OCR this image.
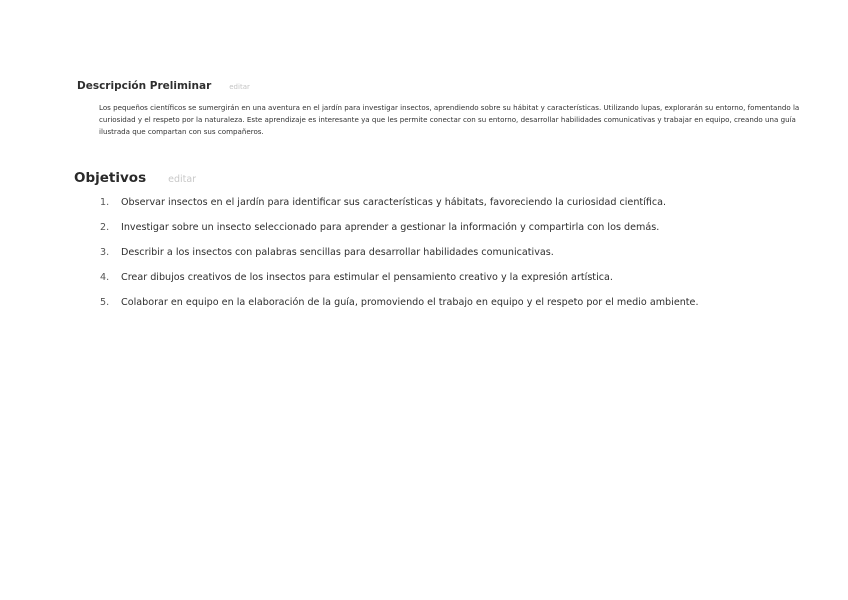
Descripción Preliminar	editar

Los pequeños científicos se sumergirán en una aventura en el jardín para investigar insectos, aprendiendo sobre su hábitat y características. Utilizando lupas, explorarán su entorno, fomentando la curiosidad y el respeto por la naturaleza. Este aprendizaje es interesante ya que les permite conectar con su entorno, desarrollar habilidades comunicativas y trabajar en equipo, creando una guía ilustrada que compartan con sus compañeros.

Objetivos editar
1.	Observar insectos en el jardín para identificar sus características y hábitats, favoreciendo la curiosidad científica.
2.	Investigar sobre un insecto seleccionado para aprender a gestionar la información y compartirla con los demás.
3.	Describir a los insectos con palabras sencillas para desarrollar habilidades comunicativas.
4.	Crear dibujos creativos de los insectos para estimular el pensamiento creativo y la expresión artística.
5.	Colaborar en equipo en la elaboración de la guía, promoviendo el trabajo en equipo y el respeto por el medio ambiente.
